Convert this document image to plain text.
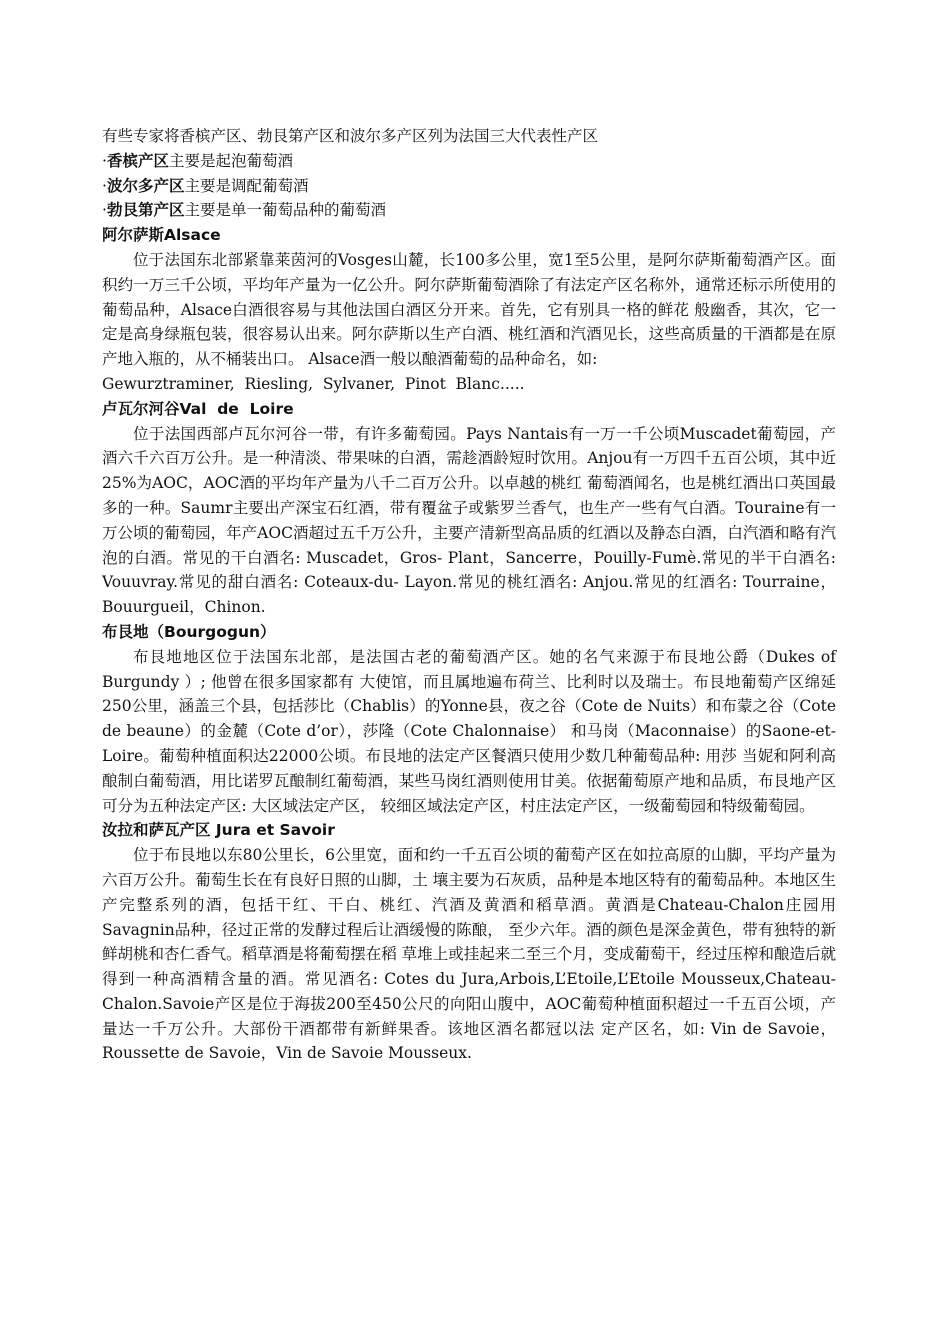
有些专家将香槟产区、勃艮第产区和波尔多产区列为法国三大代表性产区
·香槟产区主要是起泡葡萄酒
·波尔多产区主要是调配葡萄酒
·勃艮第产区主要是单一葡萄品种的葡萄酒
阿尔萨斯Alsace
位于法国东北部紧靠莱茵河的Vosges山麓，长100多公里，宽1至5公里，是阿尔萨斯葡萄酒产区。面积约一万三千公顷，平均年产量为一亿公升。阿尔萨斯葡萄酒除了有法定产区名称外，通常还标示所使用的葡萄品种，Alsace白酒很容易与其他法国白酒区分开来。首先，它有别具一格的鲜花 般幽香，其次，它一定是高身绿瓶包装，很容易认出来。阿尔萨斯以生产白酒、桃红酒和汽酒见长，这些高质量的干酒都是在原产地入瓶的，从不桶装出口。 Alsace酒一般以酿酒葡萄的品种命名，如:
Gewurztraminer,  Riesling,  Sylvaner,  Pinot  Blanc.....
卢瓦尔河谷Val  de  Loire
位于法国西部卢瓦尔河谷一带，有许多葡萄园。Pays Nantais有一万一千公顷Muscadet葡萄园，产酒六千六百万公升。是一种清淡、带果味的白酒，需趁酒龄短时饮用。Anjou有一万四千五百公顷，其中近25%为AOC，AOC酒的平均年产量为八千二百万公升。以卓越的桃红 葡萄酒闻名，也是桃红酒出口英国最多的一种。Saumr主要出产深宝石红酒，带有覆盆子或紫罗兰香气，也生产一些有气白酒。Touraine有一万公顷的葡萄园，年产AOC酒超过五千万公升，主要产清新型高品质的红酒以及静态白酒，白汽酒和略有汽泡的白酒。常见的干白酒名: Muscadet，Gros- Plant，Sancerre，Pouilly-Fumè.常见的半干白酒名: Vouuvray.常见的甜白酒名: Coteaux-du- Layon.常见的桃红酒名: Anjou.常见的红酒名: Tourraine，Bouurgueil，Chinon.
布艮地（Bourgogun）
布艮地地区位于法国东北部，是法国古老的葡萄酒产区。她的名气来源于布艮地公爵（Dukes of Burgundy ）; 他曾在很多国家都有 大使馆，而且属地遍布荷兰、比利时以及瑞士。布艮地葡萄产区绵延250公里，涵盖三个县，包括莎比（Chablis）的Yonne县，夜之谷（Cote de Nuits）和布蒙之谷（Cote de beaune）的金麓（Cote d’or），莎隆（Cote Chalonnaise） 和马岗（Maconnaise）的Saone-et-Loire。葡萄种植面积达22000公顷。布艮地的法定产区餐酒只使用少数几种葡萄品种: 用莎 当妮和阿利高酿制白葡萄酒，用比诺罗瓦酿制红葡萄酒，某些马岗红酒则使用甘美。依据葡萄原产地和品质，布艮地产区可分为五种法定产区: 大区域法定产区， 较细区域法定产区，村庄法定产区，一级葡萄园和特级葡萄园。
汝拉和萨瓦产区 Jura et Savoir
位于布艮地以东80公里长，6公里宽，面和约一千五百公顷的葡萄产区在如拉高原的山脚，平均产量为六百万公升。葡萄生长在有良好日照的山脚，土 壤主要为石灰质，品种是本地区特有的葡萄品种。本地区生产完整系列的酒，包括干红、干白、桃红、汽酒及黄酒和稻草酒。黄酒是Chateau-Chalon庄园用Savagnin品种，径过正常的发酵过程后让酒缓慢的陈酿， 至少六年。酒的颜色是深金黄色，带有独特的新鲜胡桃和杏仁香气。稻草酒是将葡萄摆在稻 草堆上或挂起来二至三个月，变成葡萄干，经过压榨和酿造后就得到一种高酒精含量的酒。常见酒名: Cotes du Jura,Arbois,L’Etoile,L’Etoile Mousseux,Chateau-Chalon.Savoie产区是位于海拔200至450公尺的向阳山腹中，AOC葡萄种植面积超过一千五百公顷，产量达一千万公升。大部份干酒都带有新鲜果香。该地区酒名都冠以法 定产区名，如: Vin de Savoie，Roussette de Savoie，Vin de Savoie Mousseux.
